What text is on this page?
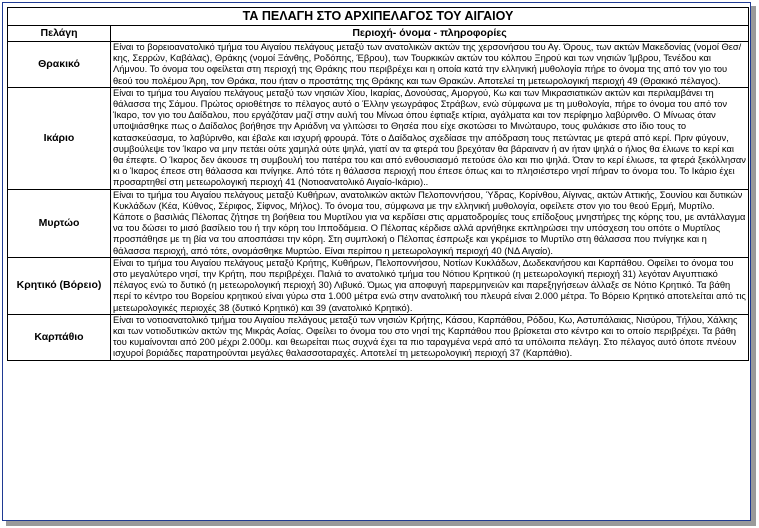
ΤΑ ΠΕΛΑΓΗ ΣΤΟ ΑΡΧΙΠΕΛΑΓΟΣ ΤΟΥ ΑΙΓΑΙΟΥ	
Πελάγη	Περιοχή- όνομα - πληροφορίες
Θρακικό	Είναι το βορειοανατολικό τμήμα του Αιγαίου πελάγους μεταξύ των ανατολικών ακτών της χερσονήσου του Αγ. Όρους, των ακτών Μακεδονίας (νομοί Θεσ/κης, Σερρών, Καβάλας), Θράκης (νομοί Ξάνθης, Ροδόπης, Έβρου), των Τουρκικών ακτών του κόλπου Ξηρού και των νησιών Ίμβρου, Τενέδου και Λήμνου. Το όνομα του οφείλεται στη περιοχή της Θράκης που περιβρέχει και η οποία κατά την ελληνική μυθολογία πήρε το όνομα της από τον γιο του θεού του πολέμου Άρη, τον Θράκα, που ήταν ο προστάτης της Θράκης και των Θρακών. Αποτελεί τη μετεωρολογική περιοχή 49 (Θρακικό πέλαγος).
Ικάριο	Είναι το τμήμα του Αιγαίου πελάγους μεταξύ των νησιών Χίου, Ικαρίας, Δονούσας, Αμοργού, Κω και των Μικρασιατικών ακτών και περιλαμβάνει τη θάλασσα της Σάμου. Πρώτος οριοθέτησε το πέλαγος αυτό ο Έλλην γεωγράφος Στράβων, ενώ σύμφωνα με τη μυθολογία, πήρε το όνομα του από τον Ίκαρο, τον γιο του Δαίδαλου, που εργάζόταν μαζί στην αυλή του Μίνωα όπου έφτιαξε κτίρια, αγάλματα και τον περίφημο λαβύρινθο. Ο Μίνωας όταν υποψιάσθηκε πως ο Δαίδαλος βοήθησε την Αριάδνη να γλιτώσει το Θησέα που είχε σκοτώσει το Μινώταυρο, τους φυλάκισε στο ίδιο τους το κατασκεύασμα, το λαβύρινθο, και έβαλε και ισχυρή φρουρά. Τότε ο Δαίδαλος σχεδίασε την απόδραση τους πετώντας με φτερά από κερί. Πριν φύγουν, συμβούλεψε τον Ίκαρο να μην πετάει ούτε χαμηλά ούτε ψηλά, γιατί αν τα φτερά του βρεχόταν θα βάραιναν ή αν ήταν ψηλά ο ήλιος θα έλιωνε το κερί και θα έπεφτε. Ο Ίκαρος δεν άκουσε τη συμβουλή του πατέρα του και από ενθουσιασμό πετούσε όλο και πιο ψηλά. Όταν το κερί έλιωσε, τα φτερά ξεκόλλησαν κι ο Ίκαρος έπεσε στη θάλασσα και πνίγηκε. Από τότε η θάλασσα περιοχή που έπεσε όπως και το πλησιέστερο νησί πήραν το όνομα του. Το Ικάριο έχει προσαρτηθεί στη μετεωρολογική περιοχή 41 (Νοτιοανατολικό Αιγαίο-Ικάριο)..
Μυρτώο	Είναι το τμήμα του Αιγαίου πελάγους μεταξύ Κυθήρων, ανατολικών ακτών Πελοποννήσου, Ύδρας, Κορίνθου, Αίγινας, ακτών Αττικής, Σουνίου και δυτικών Κυκλάδων (Κέα, Κύθνος, Σέριφος, Σίφνος, Μήλος). Το όνομα του, σύμφωνα με την ελληνική μυθολογία, οφείλετε στον γιο του θεού Ερμή, Μυρτίλο. Κάποτε ο βασιλιάς Πέλοπας ζήτησε τη βοήθεια του Μυρτίλου για να κερδίσει στις αρματοδρομίες τους επίδοξους μνηστήρες της κόρης του, με αντάλλαγμα να του δώσει το μισό βασίλειο του ή την κόρη του Ιπποδάμεια. Ο Πέλοπας κέρδισε αλλά αρνήθηκε εκπληρώσει την υπόσχεση του οπότε ο Μυρτίλος προσπάθησε με τη βία να του αποσπάσει την κόρη. Στη συμπλοκή ο Πέλοπας έσπρωξε και γκρέμισε το Μυρτίλο στη θάλασσα που πνίγηκε και η θάλασσα περιοχή, από τότε, ονομάσθηκε Μυρτώο. Είναι περίπου η μετεωρολογική περιοχή 40 (ΝΔ Αιγαίο).
Κρητικό (Βόρειο)	Είναι το τμήμα του Αιγαίου πελάγους μεταξύ Κρήτης, Κυθήρων, Πελοποννήσου, Νοτίων Κυκλάδων, Δωδεκανήσου και Καρπάθου. Οφείλει το όνομα του στο μεγαλύτερο νησί, την Κρήτη, που περιβρέχει. Παλιά το ανατολικό τμήμα του Νότιου Κρητικού (η μετεωρολογική περιοχή 31) λεγόταν Αιγυπτιακό πέλαγος ενώ το δυτικό (η μετεωρολογική περιοχή 30) Λιβυκό. Όμως για αποφυγή παρερμηνειών και παρεξηγήσεων άλλαξε σε Νότιο Κρητικό. Τα βάθη περί το κέντρο του Βορείου κρητικού είναι γύρω στα 1.000 μέτρα ενώ στην ανατολική του πλευρά είναι 2.000 μέτρα. Το Βόρειο Κρητικό αποτελείται από τις μετεωρολογικές περιοχές 38 (δυτικό Κρητικό) και 39 (ανατολικό Κρητικό).
Καρπάθιο	Είναι το νοτιοανατολικό τμήμα του Αιγαίου πελάγους μεταξύ των νησιών Κρήτης, Κάσου, Καρπάθου, Ρόδου, Κω, Αστυπάλαιας, Νισύρου, Τήλου, Χάλκης και των νοτιοδυτικών ακτών της Μικράς Ασίας. Οφείλει το όνομα του στο νησί της Καρπάθου που βρίσκεται στο κέντρο και το οποίο περιβρέχει. Τα βάθη του κυμαίνονται από 200 μέχρι 2.000μ. και θεωρείται πως συχνά έχει τα πιο ταραγμένα νερά από τα υπόλοιπα πελάγη. Στο πέλαγος αυτό όποτε πνέουν ισχυροί βοριάδες παρατηρούνται μεγάλες θαλασσοταραχές. Αποτελεί τη μετεωρολογική περιοχή 37 (Καρπάθιο).
